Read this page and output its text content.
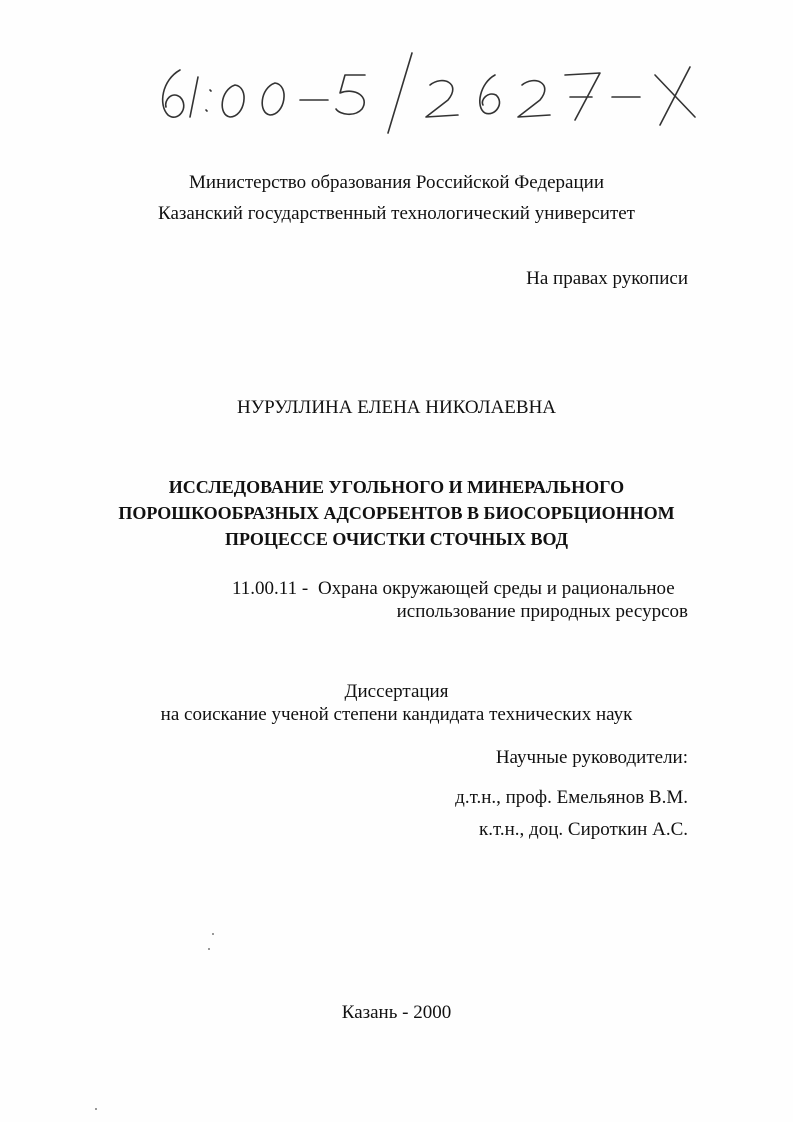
61:00-5/2627-X
Министерство образования Российской Федерации
Казанский государственный технологический университет
На правах рукописи
НУРУЛЛИНА ЕЛЕНА НИКОЛАЕВНА
ИССЛЕДОВАНИЕ УГОЛЬНОГО И МИНЕРАЛЬНОГО
ПОРОШКООБРАЗНЫХ АДСОРБЕНТОВ В БИОСОРБЦИОННОМ
ПРОЦЕССЕ ОЧИСТКИ СТОЧНЫХ ВОД
11.00.11 - Охрана окружающей среды и рациональное
использование природных ресурсов
Диссертация
на соискание ученой степени кандидата технических наук
Научные руководители:
д.т.н., проф. Емельянов В.М.
к.т.н., доц. Сироткин А.С.
Казань - 2000
